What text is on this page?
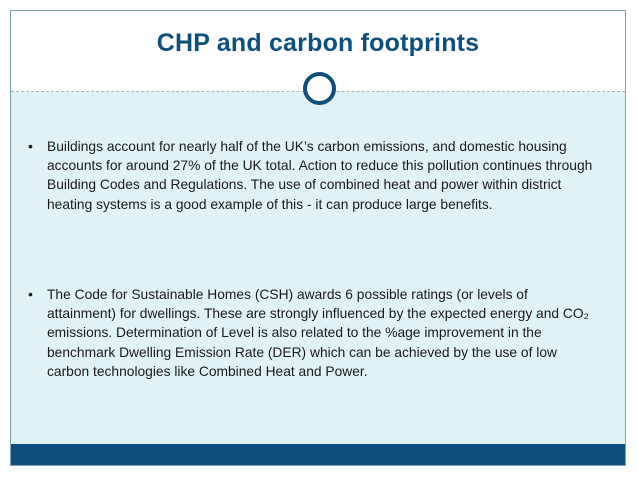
CHP and carbon footprints
•	Buildings account for nearly half of the UK’s carbon emissions, and domestic housing accounts for around 27% of the UK total. Action to reduce this pollution continues through Building Codes and Regulations. The use of combined heat and power within district heating systems is a good example of this - it can produce large benefits.
•	The Code for Sustainable Homes (CSH) awards 6 possible ratings (or levels of attainment) for dwellings. These are strongly influenced by the expected energy and CO₂ emissions. Determination of Level is also related to the %age improvement in the benchmark Dwelling Emission Rate (DER) which can be achieved by the use of low carbon technologies like Combined Heat and Power.
